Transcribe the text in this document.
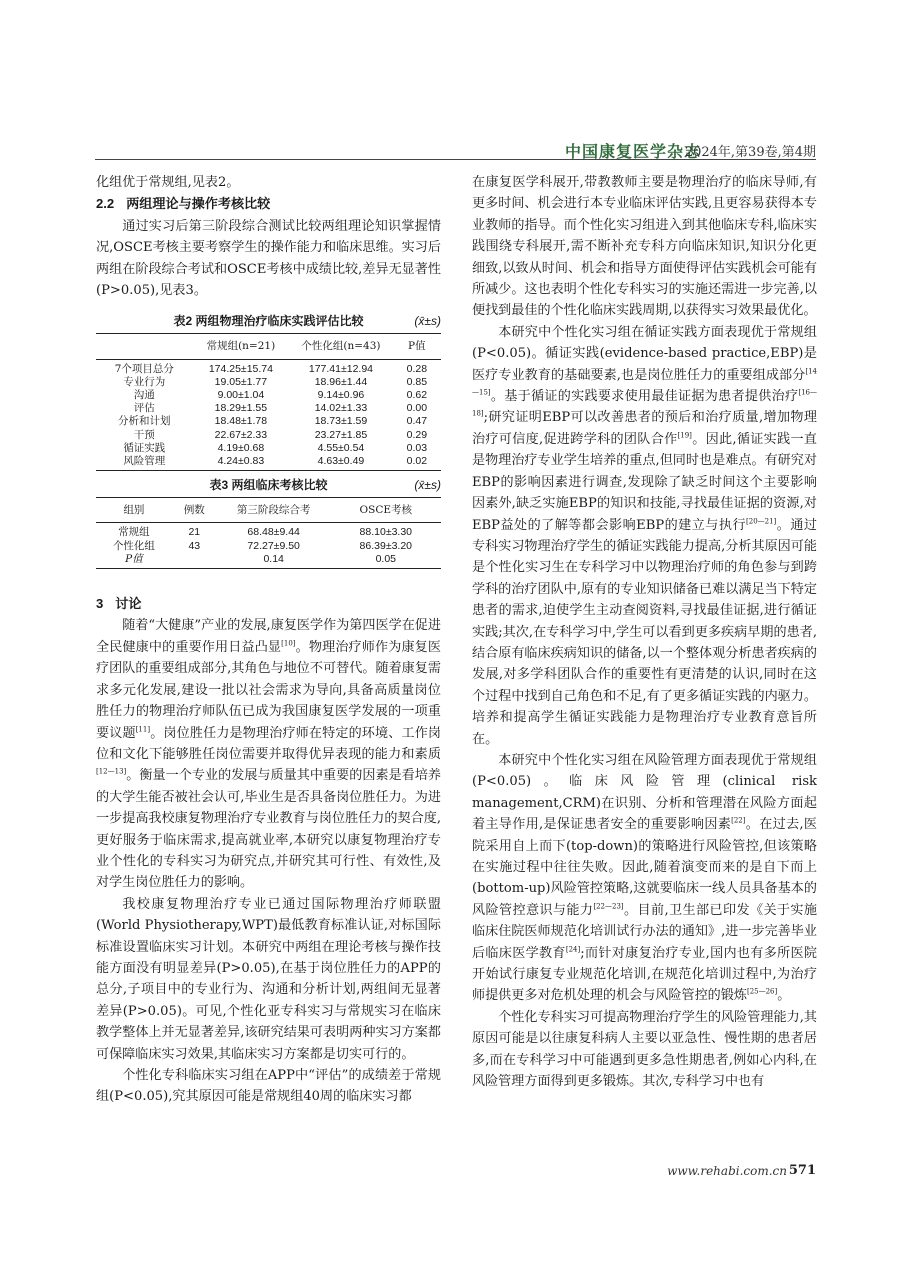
中国康复医学杂志
2024年,第39卷,第4期

化组优于常规组,见表2。

2.2 两组理论与操作考核比较

通过实习后第三阶段综合测试比较两组理论知识掌握情况,OSCE考核主要考察学生的操作能力和临床思维。实习后两组在阶段综合考试和OSCE考核中成绩比较,差异无显著性(P>0.05),见表3。

表2 两组物理治疗临床实践评估比较	(x̄±s)
	常规组(n=21)	个性化组(n=43)	P值
7个项目总分	174.25±15.74	177.41±12.94	0.28
专业行为	19.05±1.77	18.96±1.44	0.85
沟通	9.00±1.04	9.14±0.96	0.62
评估	18.29±1.55	14.02±1.33	0.00
分析和计划	18.48±1.78	18.73±1.59	0.47
干预	22.67±2.33	23.27±1.85	0.29
循证实践	4.19±0.68	4.55±0.54	0.03
风险管理	4.24±0.83	4.63±0.49	0.02
表3 两组临床考核比较	(x̄±s)
组别	例数	第三阶段综合考	OSCE考核
常规组	21	68.48±9.44	88.10±3.30
个性化组	43	72.27±9.50	86.39±3.20
P值		0.14	0.05

3 讨论

随着“大健康”产业的发展,康复医学作为第四医学在促进全民健康中的重要作用日益凸显[10]。物理治疗师作为康复医疗团队的重要组成部分,其角色与地位不可替代。随着康复需求多元化发展,建设一批以社会需求为导向,具备高质量岗位胜任力的物理治疗师队伍已成为我国康复医学发展的一项重要议题[11]。岗位胜任力是物理治疗师在特定的环境、工作岗位和文化下能够胜任岗位需要并取得优异表现的能力和素质[12—13]。衡量一个专业的发展与质量其中重要的因素是看培养的大学生能否被社会认可,毕业生是否具备岗位胜任力。为进一步提高我校康复物理治疗专业教育与岗位胜任力的契合度,更好服务于临床需求,提高就业率,本研究以康复物理治疗专业个性化的专科实习为研究点,并研究其可行性、有效性,及对学生岗位胜任力的影响。

我校康复物理治疗专业已通过国际物理治疗师联盟(World Physiotherapy,WPT)最低教育标准认证,对标国际标准设置临床实习计划。本研究中两组在理论考核与操作技能方面没有明显差异(P>0.05),在基于岗位胜任力的APP的总分,子项目中的专业行为、沟通和分析计划,两组间无显著差异(P>0.05)。可见,个性化亚专科实习与常规实习在临床教学整体上并无显著差异,该研究结果可表明两种实习方案都可保障临床实习效果,其临床实习方案都是切实可行的。

个性化专科临床实习组在APP中“评估”的成绩差于常规组(P<0.05),究其原因可能是常规组40周的临床实习都

在康复医学科展开,带教教师主要是物理治疗的临床导师,有更多时间、机会进行本专业临床评估实践,且更容易获得本专业教师的指导。而个性化实习组进入到其他临床专科,临床实践围绕专科展开,需不断补充专科方向临床知识,知识分化更细致,以致从时间、机会和指导方面使得评估实践机会可能有所减少。这也表明个性化专科实习的实施还需进一步完善,以便找到最佳的个性化临床实践周期,以获得实习效果最优化。

本研究中个性化实习组在循证实践方面表现优于常规组(P<0.05)。循证实践(evidence-based practice,EBP)是医疗专业教育的基础要素,也是岗位胜任力的重要组成部分[14—15]。基于循证的实践要求使用最佳证据为患者提供治疗[16—18];研究证明EBP可以改善患者的预后和治疗质量,增加物理治疗可信度,促进跨学科的团队合作[19]。因此,循证实践一直是物理治疗专业学生培养的重点,但同时也是难点。有研究对EBP的影响因素进行调查,发现除了缺乏时间这个主要影响因素外,缺乏实施EBP的知识和技能,寻找最佳证据的资源,对EBP益处的了解等都会影响EBP的建立与执行[20—21]。通过专科实习物理治疗学生的循证实践能力提高,分析其原因可能是个性化实习生在专科学习中以物理治疗师的角色参与到跨学科的治疗团队中,原有的专业知识储备已难以满足当下特定患者的需求,迫使学生主动查阅资料,寻找最佳证据,进行循证实践;其次,在专科学习中,学生可以看到更多疾病早期的患者,结合原有临床疾病知识的储备,以一个整体观分析患者疾病的发展,对多学科团队合作的重要性有更清楚的认识,同时在这个过程中找到自己角色和不足,有了更多循证实践的内驱力。培养和提高学生循证实践能力是物理治疗专业教育意旨所在。

本研究中个性化实习组在风险管理方面表现优于常规组(P<0.05)。临床风险管理(clinical risk management,CRM)在识别、分析和管理潜在风险方面起着主导作用,是保证患者安全的重要影响因素[22]。在过去,医院采用自上而下(top-down)的策略进行风险管控,但该策略在实施过程中往往失败。因此,随着演变而来的是自下而上(bottom-up)风险管控策略,这就要临床一线人员具备基本的风险管控意识与能力[22—23]。目前,卫生部已印发《关于实施临床住院医师规范化培训试行办法的通知》,进一步完善毕业后临床医学教育[24];而针对康复治疗专业,国内也有多所医院开始试行康复专业规范化培训,在规范化培训过程中,为治疗师提供更多对危机处理的机会与风险管控的锻炼[25—26]。

个性化专科实习可提高物理治疗学生的风险管理能力,其原因可能是以往康复科病人主要以亚急性、慢性期的患者居多,而在专科学习中可能遇到更多急性期患者,例如心内科,在风险管理方面得到更多锻炼。其次,专科学习中也有

www.rehabi.com.cn 571
